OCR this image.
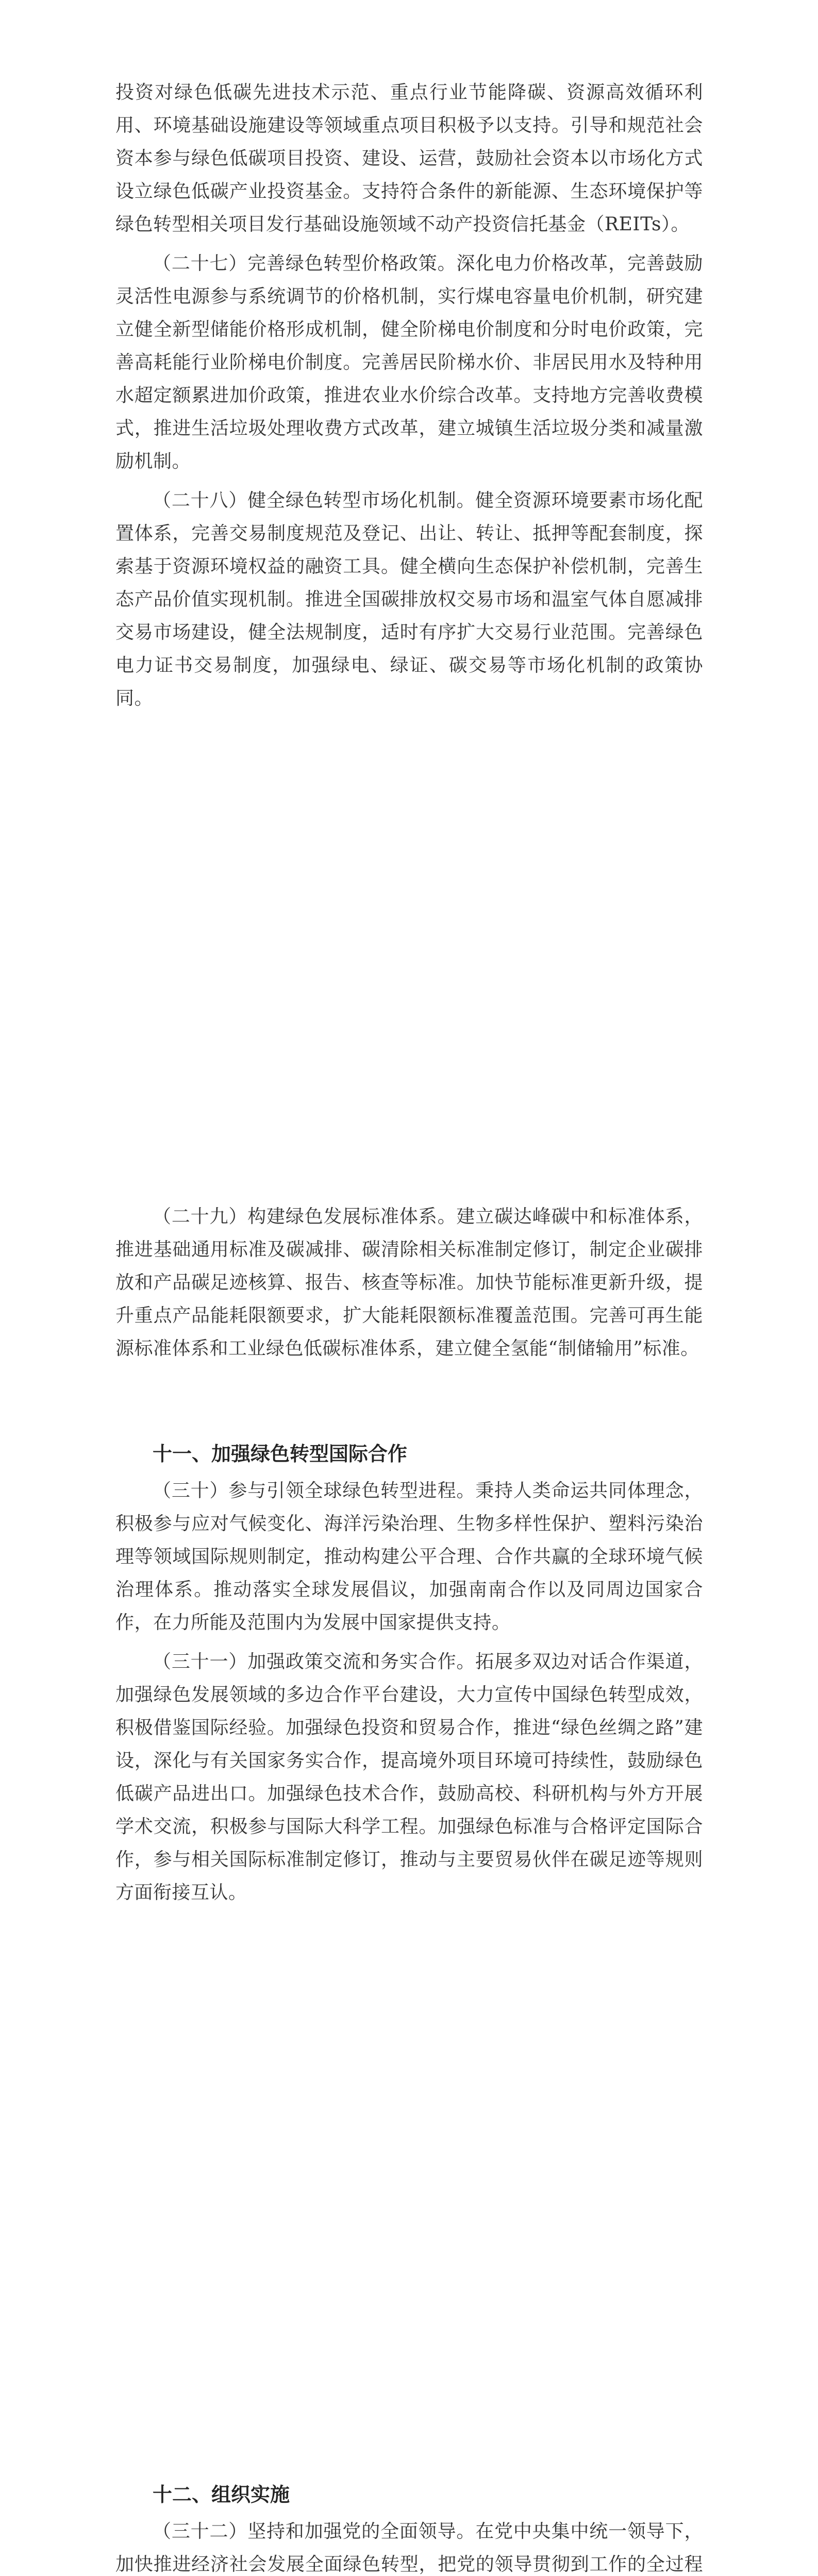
投资对绿色低碳先进技术示范、重点行业节能降碳、资源高效循环利用、环境基础设施建设等领域重点项目积极予以支持。引导和规范社会资本参与绿色低碳项目投资、建设、运营，鼓励社会资本以市场化方式设立绿色低碳产业投资基金。支持符合条件的新能源、生态环境保护等绿色转型相关项目发行基础设施领域不动产投资信托基金（REITs）。

（二十七）完善绿色转型价格政策。深化电力价格改革，完善鼓励灵活性电源参与系统调节的价格机制，实行煤电容量电价机制，研究建立健全新型储能价格形成机制，健全阶梯电价制度和分时电价政策，完善高耗能行业阶梯电价制度。完善居民阶梯水价、非居民用水及特种用水超定额累进加价政策，推进农业水价综合改革。支持地方完善收费模式，推进生活垃圾处理收费方式改革，建立城镇生活垃圾分类和减量激励机制。

（二十八）健全绿色转型市场化机制。健全资源环境要素市场化配置体系，完善交易制度规范及登记、出让、转让、抵押等配套制度，探索基于资源环境权益的融资工具。健全横向生态保护补偿机制，完善生态产品价值实现机制。推进全国碳排放权交易市场和温室气体自愿减排交易市场建设，健全法规制度，适时有序扩大交易行业范围。完善绿色电力证书交易制度，加强绿电、绿证、碳交易等市场化机制的政策协同。

（二十九）构建绿色发展标准体系。建立碳达峰碳中和标准体系，推进基础通用标准及碳减排、碳清除相关标准制定修订，制定企业碳排放和产品碳足迹核算、报告、核查等标准。加快节能标准更新升级，提升重点产品能耗限额要求，扩大能耗限额标准覆盖范围。完善可再生能源标准体系和工业绿色低碳标准体系，建立健全氢能“制储输用”标准。

十一、加强绿色转型国际合作

（三十）参与引领全球绿色转型进程。秉持人类命运共同体理念，积极参与应对气候变化、海洋污染治理、生物多样性保护、塑料污染治理等领域国际规则制定，推动构建公平合理、合作共赢的全球环境气候治理体系。推动落实全球发展倡议，加强南南合作以及同周边国家合作，在力所能及范围内为发展中国家提供支持。

（三十一）加强政策交流和务实合作。拓展多双边对话合作渠道，加强绿色发展领域的多边合作平台建设，大力宣传中国绿色转型成效，积极借鉴国际经验。加强绿色投资和贸易合作，推进“绿色丝绸之路”建设，深化与有关国家务实合作，提高境外项目环境可持续性，鼓励绿色低碳产品进出口。加强绿色技术合作，鼓励高校、科研机构与外方开展学术交流，积极参与国际大科学工程。加强绿色标准与合格评定国际合作，参与相关国际标准制定修订，推动与主要贸易伙伴在碳足迹等规则方面衔接互认。

十二、组织实施

（三十二）坚持和加强党的全面领导。在党中央集中统一领导下，加快推进经济社会发展全面绿色转型，把党的领导贯彻到工作的全过程
